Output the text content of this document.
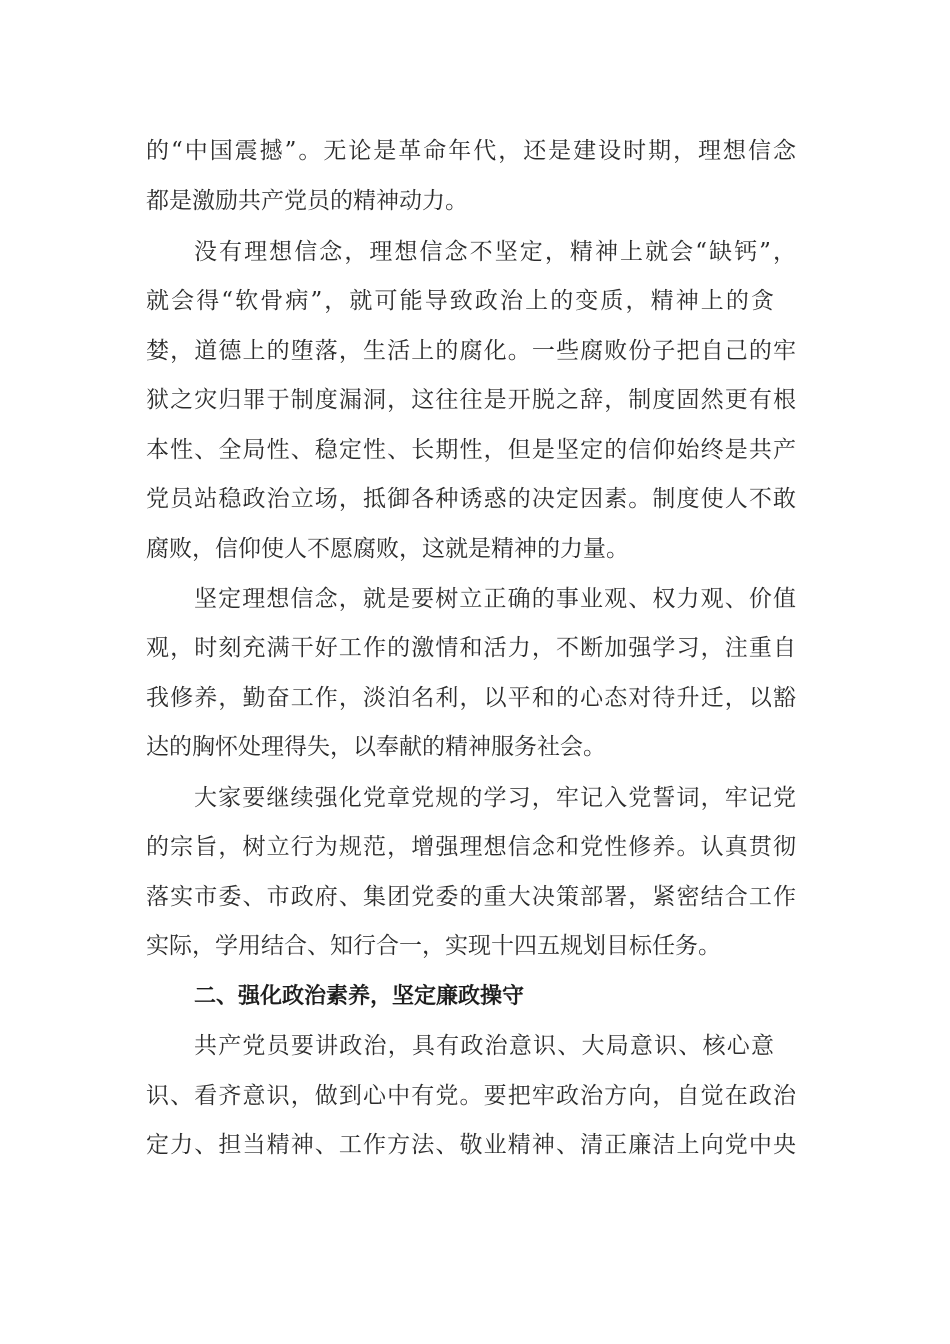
的“中国震撼”。无论是革命年代，还是建设时期，理想信念
都是激励共产党员的精神动力。
没有理想信念，理想信念不坚定，精神上就会“缺钙”，
就会得“软骨病”，就可能导致政治上的变质，精神上的贪
婪，道德上的堕落，生活上的腐化。一些腐败份子把自己的牢
狱之灾归罪于制度漏洞，这往往是开脱之辞，制度固然更有根
本性、全局性、稳定性、长期性，但是坚定的信仰始终是共产
党员站稳政治立场，抵御各种诱惑的决定因素。制度使人不敢
腐败，信仰使人不愿腐败，这就是精神的力量。
坚定理想信念，就是要树立正确的事业观、权力观、价值
观，时刻充满干好工作的激情和活力，不断加强学习，注重自
我修养，勤奋工作，淡泊名利，以平和的心态对待升迁，以豁
达的胸怀处理得失，以奉献的精神服务社会。
大家要继续强化党章党规的学习，牢记入党誓词，牢记党
的宗旨，树立行为规范，增强理想信念和党性修养。认真贯彻
落实市委、市政府、集团党委的重大决策部署，紧密结合工作
实际，学用结合、知行合一，实现十四五规划目标任务。
二、强化政治素养，坚定廉政操守
共产党员要讲政治，具有政治意识、大局意识、核心意
识、看齐意识，做到心中有党。要把牢政治方向，自觉在政治
定力、担当精神、工作方法、敬业精神、清正廉洁上向党中央
